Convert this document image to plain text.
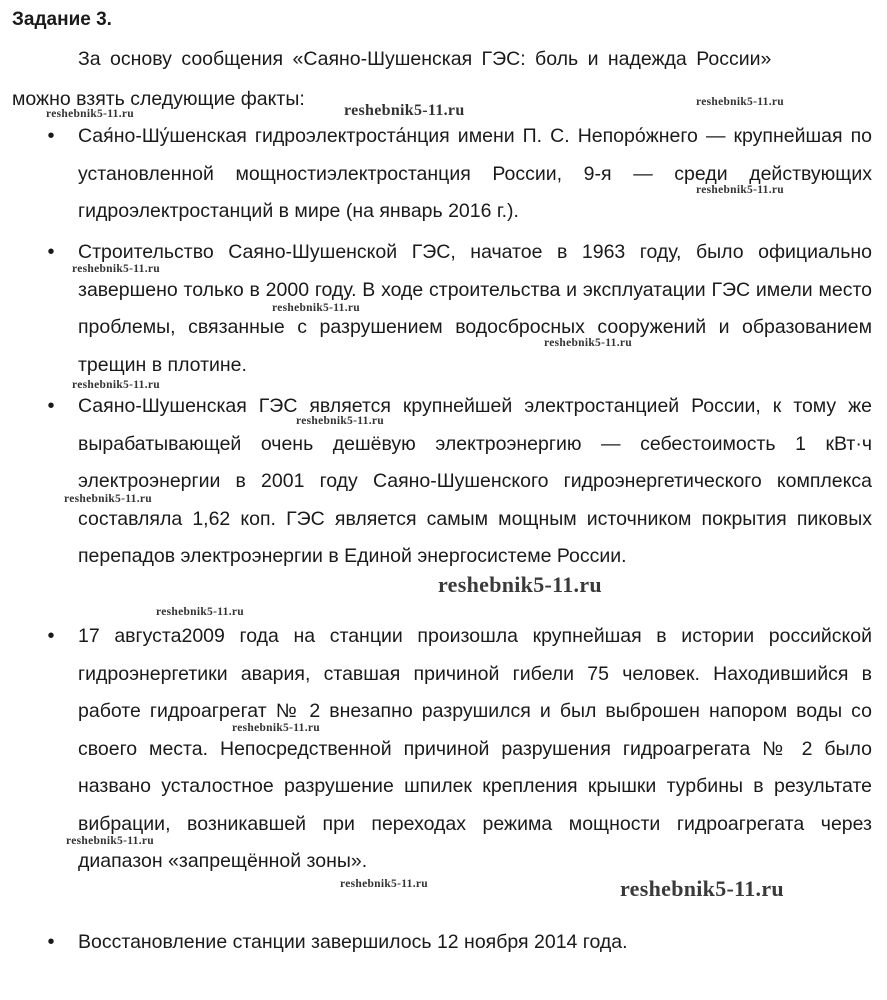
Задание 3.
За основу сообщения «Саяно-Шушенская ГЭС: боль и надежда России»
можно взять следующие факты:
• Сая́но-Шу́шенская гидроэлектроста́нция имени П. С. Непоро́жнего — крупнейшая по установленной мощностиэлектростанция России, 9-я — среди действующих гидроэлектростанций в мире (на январь 2016 г.).
• Строительство Саяно-Шушенской ГЭС, начатое в 1963 году, было официально завершено только в 2000 году. В ходе строительства и эксплуатации ГЭС имели место проблемы, связанные с разрушением водосбросных сооружений и образованием трещин в плотине.
• Саяно-Шушенская ГЭС является крупнейшей электростанцией России, к тому же вырабатывающей очень дешёвую электроэнергию — себестоимость 1 кВт·ч электроэнергии в 2001 году Саяно-Шушенского гидроэнергетического комплекса составляла 1,62 коп. ГЭС является самым мощным источником покрытия пиковых перепадов электроэнергии в Единой энергосистеме России.
• 17 августа2009 года на станции произошла крупнейшая в истории российской гидроэнергетики авария, ставшая причиной гибели 75 человек. Находившийся в работе гидроагрегат № 2 внезапно разрушился и был выброшен напором воды со своего места. Непосредственной причиной разрушения гидроагрегата № 2 было названо усталостное разрушение шпилек крепления крышки турбины в результате вибрации, возникавшей при переходах режима мощности гидроагрегата через диапазон «запрещённой зоны».
• Восстановление станции завершилось 12 ноября 2014 года.
reshebnik5-11.ru	reshebnik5-11.ru
reshebnik5-11.ru
reshebnik5-11.ru
reshebnik5-11.ru
reshebnik5-11.ru
reshebnik5-11.ru
reshebnik5-11.ru
reshebnik5-11.ru
reshebnik5-11.ru
reshebnik5-11.ru
reshebnik5-11.ru
reshebnik5-11.ru
reshebnik5-11.ru
reshebnik5-11.ru	reshebnik5-11.ru
